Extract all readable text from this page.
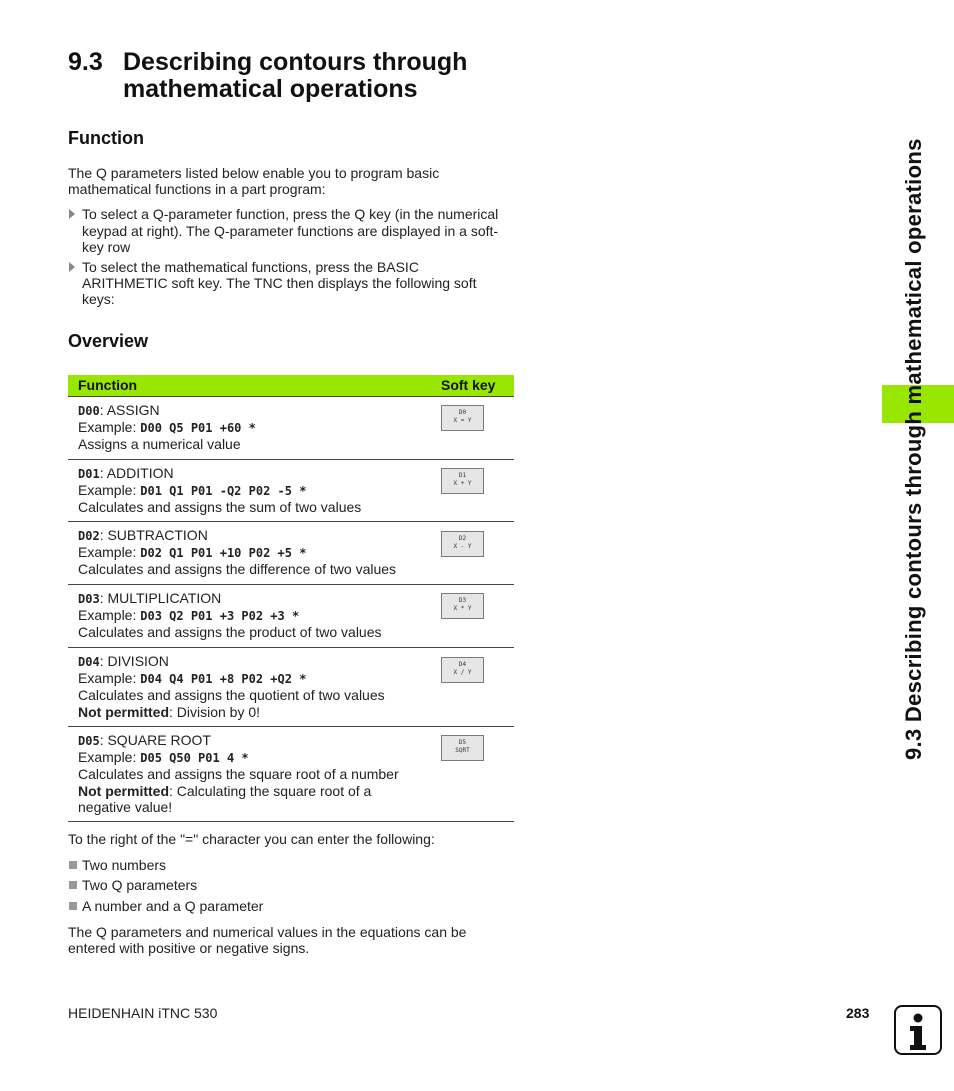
9.3 Describing contours through
mathematical operations
Function
The Q parameters listed below enable you to program basic
mathematical functions in a part program:
To select a Q-parameter function, press the Q key (in the numerical
keypad at right). The Q-parameter functions are displayed in a soft-
key row
To select the mathematical functions, press the BASIC
ARITHMETIC soft key. The TNC then displays the following soft
keys:
Overview
Function	Soft key
D00: ASSIGN
Example: D00 Q5 P01 +60 *
Assigns a numerical value
D0
X = Y
D01: ADDITION
Example: D01 Q1 P01 -Q2 P02 -5 *
Calculates and assigns the sum of two values
D1
X + Y
D02: SUBTRACTION
Example: D02 Q1 P01 +10 P02 +5 *
Calculates and assigns the difference of two values
D2
X - Y
D03: MULTIPLICATION
Example: D03 Q2 P01 +3 P02 +3 *
Calculates and assigns the product of two values
D3
X * Y
D04: DIVISION
Example: D04 Q4 P01 +8 P02 +Q2 *
Calculates and assigns the quotient of two values
Not permitted: Division by 0!
D4
X / Y
D05: SQUARE ROOT
Example: D05 Q50 P01 4 *
Calculates and assigns the square root of a number
Not permitted: Calculating the square root of a
negative value!
D5
SQRT
To the right of the "=" character you can enter the following:
Two numbers
Two Q parameters
A number and a Q parameter
The Q parameters and numerical values in the equations can be
entered with positive or negative signs.
HEIDENHAIN iTNC 530	283
9.3 Describing contours through mathematical operations
